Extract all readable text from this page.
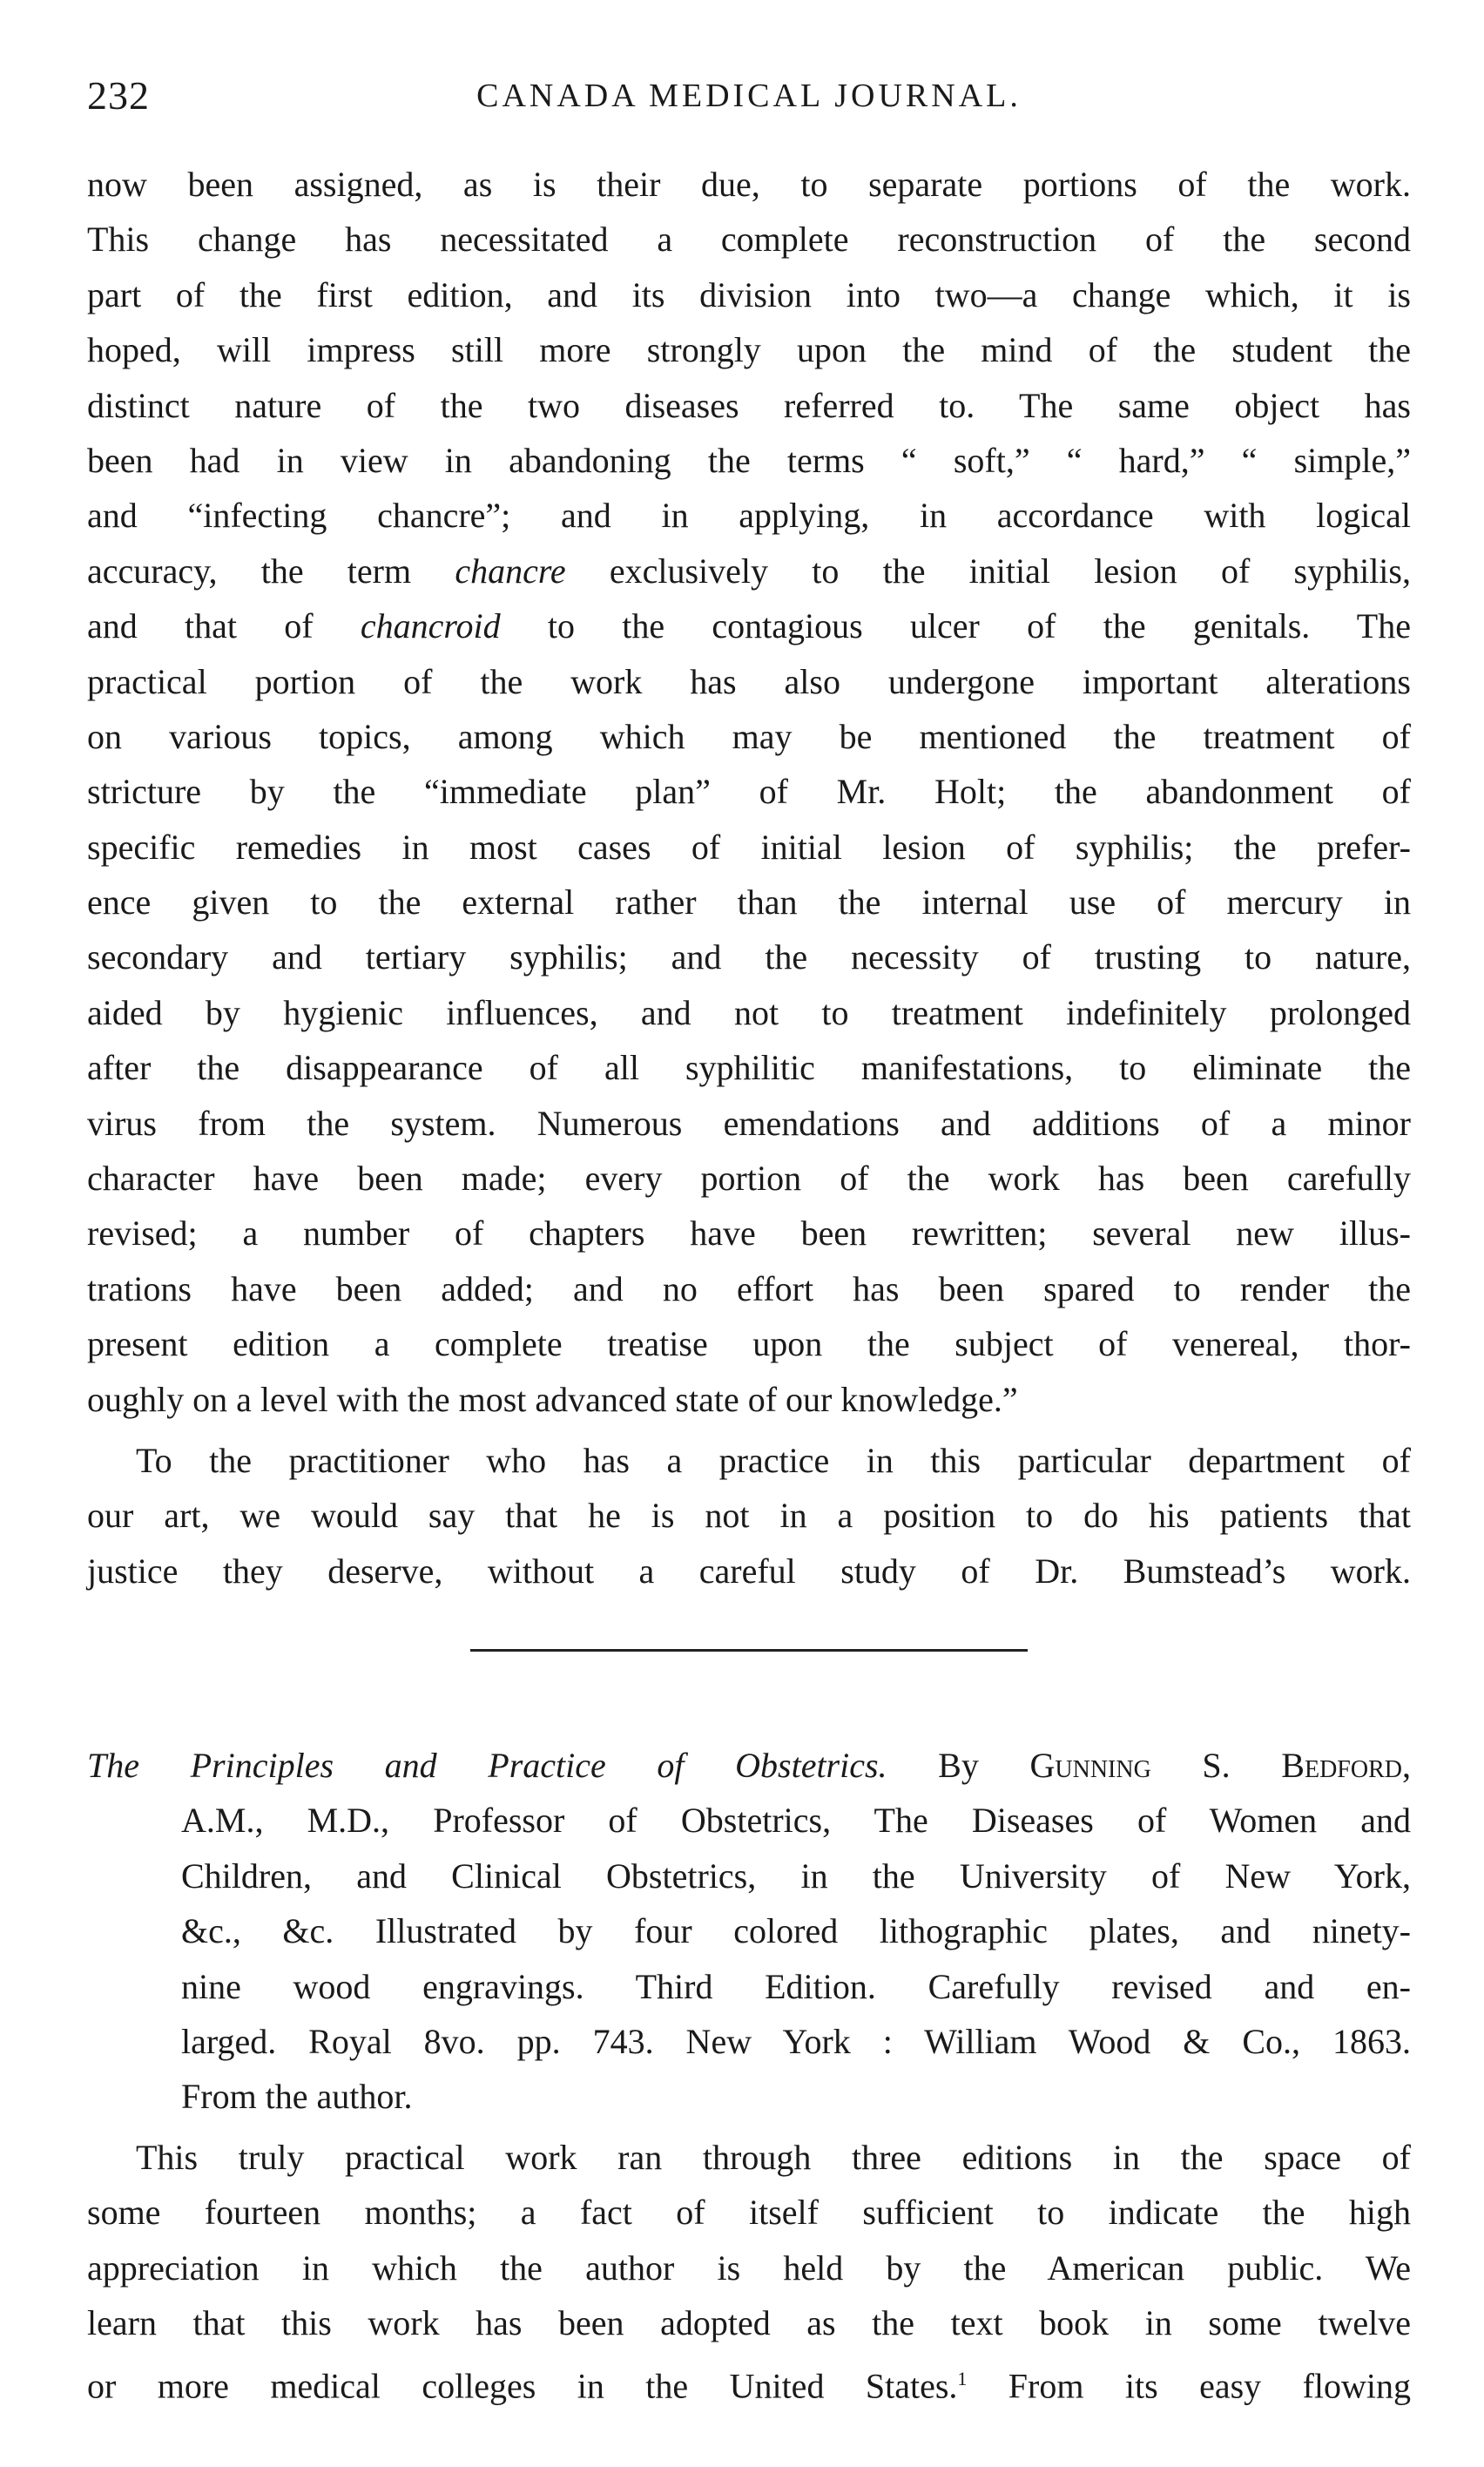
232	CANADA MEDICAL JOURNAL.
now been assigned, as is their due, to separate portions of the work.
This change has necessitated a complete reconstruction of the second
part of the first edition, and its division into two—a change which, it is
hoped, will impress still more strongly upon the mind of the student the
distinct nature of the two diseases referred to. The same object has
been had in view in abandoning the terms “ soft,” “ hard,” “ simple,”
and “infecting chancre”; and in applying, in accordance with logical
accuracy, the term chancre exclusively to the initial lesion of syphilis,
and that of chancroid to the contagious ulcer of the genitals. The
practical portion of the work has also undergone important alterations
on various topics, among which may be mentioned the treatment of
stricture by the “immediate plan” of Mr. Holt; the abandonment of
specific remedies in most cases of initial lesion of syphilis; the prefer-
ence given to the external rather than the internal use of mercury in
secondary and tertiary syphilis; and the necessity of trusting to nature,
aided by hygienic influences, and not to treatment indefinitely prolonged
after the disappearance of all syphilitic manifestations, to eliminate the
virus from the system. Numerous emendations and additions of a minor
character have been made; every portion of the work has been carefully
revised; a number of chapters have been rewritten; several new illus-
trations have been added; and no effort has been spared to render the
present edition a complete treatise upon the subject of venereal, thor-
oughly on a level with the most advanced state of our knowledge.”
To the practitioner who has a practice in this particular department of
our art, we would say that he is not in a position to do his patients that
justice they deserve, without a careful study of Dr. Bumstead’s work.
The Principles and Practice of Obstetrics. By Gunning S. Bedford,
A.M., M.D., Professor of Obstetrics, The Diseases of Women and
Children, and Clinical Obstetrics, in the University of New York,
&c., &c. Illustrated by four colored lithographic plates, and ninety-
nine wood engravings. Third Edition. Carefully revised and en-
larged. Royal 8vo. pp. 743. New York : William Wood & Co., 1863.
From the author.
This truly practical work ran through three editions in the space of
some fourteen months; a fact of itself sufficient to indicate the high
appreciation in which the author is held by the American public. We
learn that this work has been adopted as the text book in some twelve
or more medical colleges in the United States.$^1$ From its easy flowing
